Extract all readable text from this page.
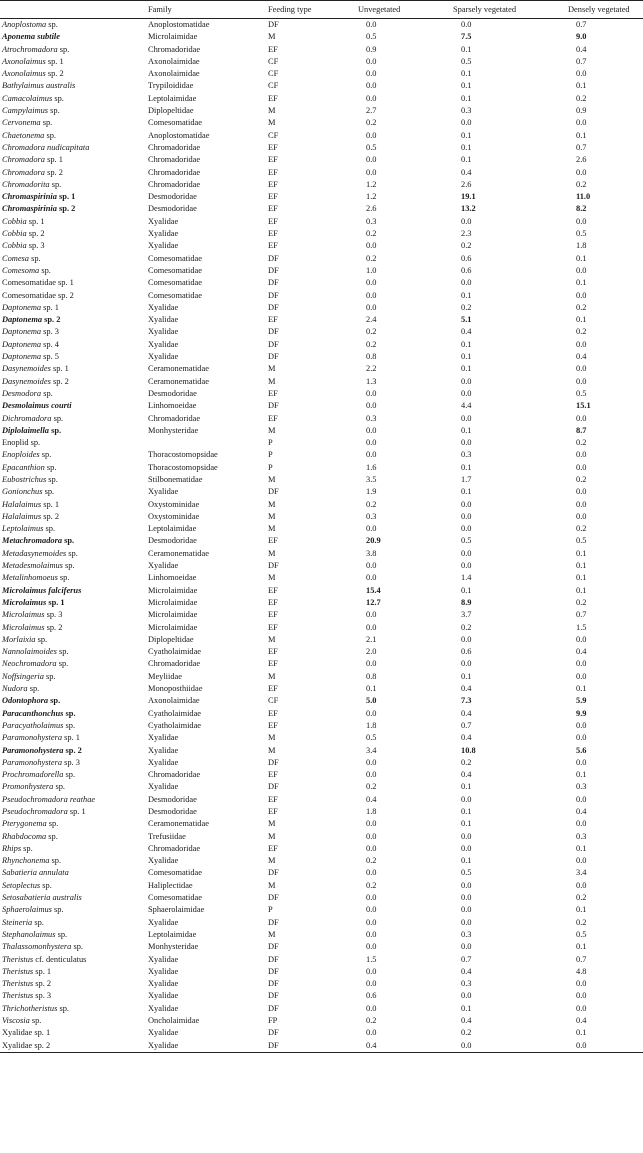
	Family	Feeding type	Unvegetated	Sparsely vegetated	Densely vegetated
Anoplostoma sp.	Anoplostomatidae	DF	0.0	0.0	0.7
Aponema subtile	Microlaimidae	M	0.5	7.5	9.0
Atrochromadora sp.	Chromadoridae	EF	0.9	0.1	0.4
Axonolaimus sp. 1	Axonolaimidae	CF	0.0	0.5	0.7
Axonolaimus sp. 2	Axonolaimidae	CF	0.0	0.1	0.0
Bathylaimus australis	Trypiloididae	CF	0.0	0.1	0.1
Camacolaimus sp.	Leptolaimidae	EF	0.0	0.1	0.2
Campylaimus sp.	Diplopeltidae	M	2.7	0.3	0.9
Cervonema sp.	Comesomatidae	M	0.2	0.0	0.0
Chaetonema sp.	Anoplostomatidae	CF	0.0	0.1	0.1
Chromadora nudicapitata	Chromadoridae	EF	0.5	0.1	0.7
Chromadora sp. 1	Chromadoridae	EF	0.0	0.1	2.6
Chromadora sp. 2	Chromadoridae	EF	0.0	0.4	0.0
Chromadorita sp.	Chromadoridae	EF	1.2	2.6	0.2
Chromaspirinia sp. 1	Desmodoridae	EF	1.2	19.1	11.0
Chromaspirinia sp. 2	Desmodoridae	EF	2.6	13.2	8.2
Cobbia sp. 1	Xyalidae	EF	0.3	0.0	0.0
Cobbia sp. 2	Xyalidae	EF	0.2	2.3	0.5
Cobbia sp. 3	Xyalidae	EF	0.0	0.2	1.8
Comesa sp.	Comesomatidae	DF	0.2	0.6	0.1
Comesoma sp.	Comesomatidae	DF	1.0	0.6	0.0
Comesomatidae sp. 1	Comesomatidae	DF	0.0	0.0	0.1
Comesomatidae sp. 2	Comesomatidae	DF	0.0	0.1	0.0
Daptonema sp. 1	Xyalidae	DF	0.0	0.2	0.2
Daptonema sp. 2	Xyalidae	EF	2.4	5.1	0.1
Daptonema sp. 3	Xyalidae	DF	0.2	0.4	0.2
Daptonema sp. 4	Xyalidae	DF	0.2	0.1	0.0
Daptonema sp. 5	Xyalidae	DF	0.8	0.1	0.4
Dasynemoides sp. 1	Ceramonematidae	M	2.2	0.1	0.0
Dasynemoides sp. 2	Ceramonematidae	M	1.3	0.0	0.0
Desmodora sp.	Desmodoridae	EF	0.0	0.0	0.5
Desmolaimus courti	Linhomoeidae	DF	0.0	4.4	15.1
Dichromadora sp.	Chromadoridae	EF	0.3	0.0	0.0
Diplolaimella sp.	Monhysteridae	M	0.0	0.1	8.7
Enoplid sp.		P	0.0	0.0	0.2
Enoploides sp.	Thoracostomopsidae	P	0.0	0.3	0.0
Epacanthion sp.	Thoracostomopsidae	P	1.6	0.1	0.0
Eubostrichus sp.	Stilbonematidae	M	3.5	1.7	0.2
Gonionchus sp.	Xyalidae	DF	1.9	0.1	0.0
Halalaimus sp. 1	Oxystominidae	M	0.2	0.0	0.0
Halalaimus sp. 2	Oxystominidae	M	0.3	0.0	0.0
Leptolaimus sp.	Leptolaimidae	M	0.0	0.0	0.2
Metachromadora sp.	Desmodoridae	EF	20.9	0.5	0.5
Metadasynemoides sp.	Ceramonematidae	M	3.8	0.0	0.1
Metadesmolaimus sp.	Xyalidae	DF	0.0	0.0	0.1
Metalinhomoeus sp.	Linhomoeidae	M	0.0	1.4	0.1
Microlaimus falciferus	Microlaimidae	EF	15.4	0.1	0.1
Microlaimus sp. 1	Microlaimidae	EF	12.7	8.9	0.2
Microlaimus sp. 3	Microlaimidae	EF	0.0	3.7	0.7
Microlaimus sp. 2	Microlaimidae	EF	0.0	0.2	1.5
Morlaixia sp.	Diplopeltidae	M	2.1	0.0	0.0
Nannolaimoides sp.	Cyatholaimidae	EF	2.0	0.6	0.4
Neochromadora sp.	Chromadoridae	EF	0.0	0.0	0.0
Noffsingeria sp.	Meyliidae	M	0.8	0.1	0.0
Nudora sp.	Monoposthiidae	EF	0.1	0.4	0.1
Odontophora sp.	Axonolaimidae	CF	5.0	7.3	5.9
Paracanthonchus sp.	Cyatholaimidae	EF	0.0	0.4	9.9
Paracyatholaimus sp.	Cyatholaimidae	EF	1.8	0.7	0.0
Paramonohystera sp. 1	Xyalidae	M	0.5	0.4	0.0
Paramonohystera sp. 2	Xyalidae	M	3.4	10.8	5.6
Paramonohystera sp. 3	Xyalidae	DF	0.0	0.2	0.0
Prochromadorella sp.	Chromadoridae	EF	0.0	0.4	0.1
Promonhystera sp.	Xyalidae	DF	0.2	0.1	0.3
Pseudochromadora reathae	Desmodoridae	EF	0.4	0.0	0.0
Pseudochromadora sp. 1	Desmodoridae	EF	1.8	0.1	0.4
Pterygonema sp.	Ceramonematidae	M	0.0	0.1	0.0
Rhabdocoma sp.	Trefusiidae	M	0.0	0.0	0.3
Rhips sp.	Chromadoridae	EF	0.0	0.0	0.1
Rhynchonema sp.	Xyalidae	M	0.2	0.1	0.0
Sabatieria annulata	Comesomatidae	DF	0.0	0.5	3.4
Setoplectus sp.	Haliplectidae	M	0.2	0.0	0.0
Setosabatieria australis	Comesomatidae	DF	0.0	0.0	0.2
Sphaerolaimus sp.	Sphaerolaimidae	P	0.0	0.0	0.1
Steineria sp.	Xyalidae	DF	0.0	0.0	0.2
Stephanolaimus sp.	Leptolaimidae	M	0.0	0.3	0.5
Thalassomonhystera sp.	Monhysteridae	DF	0.0	0.0	0.1
Theristus cf. denticulatus	Xyalidae	DF	1.5	0.7	0.7
Theristus sp. 1	Xyalidae	DF	0.0	0.4	4.8
Theristus sp. 2	Xyalidae	DF	0.0	0.3	0.0
Theristus sp. 3	Xyalidae	DF	0.6	0.0	0.0
Thrichotheristus sp.	Xyalidae	DF	0.0	0.1	0.0
Viscosia sp.	Oncholaimidae	FP	0.2	0.4	0.4
Xyalidae sp. 1	Xyalidae	DF	0.0	0.2	0.1
Xyalidae sp. 2	Xyalidae	DF	0.4	0.0	0.0
